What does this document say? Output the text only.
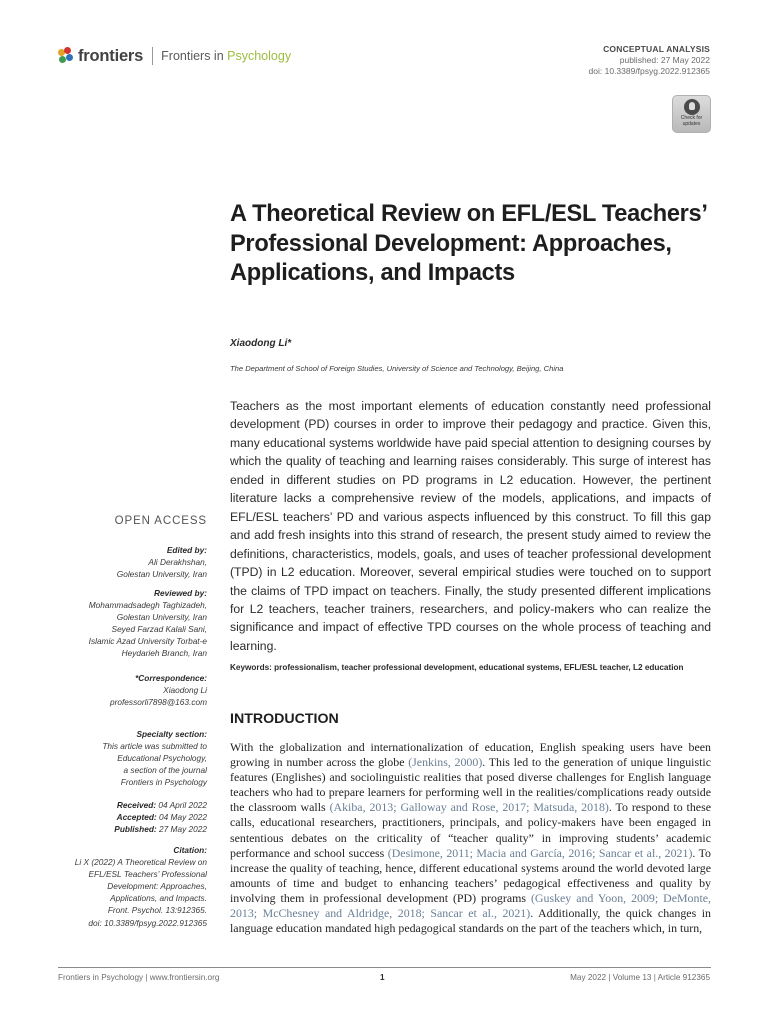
frontiers Frontiers in Psychology	CONCEPTUAL ANALYSIS
published: 27 May 2022
doi: 10.3389/fpsyg.2022.912365
Check for
updates
A Theoretical Review on EFL/ESL Teachers’ Professional Development: Approaches, Applications, and Impacts
Xiaodong Li*
The Department of School of Foreign Studies, University of Science and Technology, Beijing, China
Teachers as the most important elements of education constantly need professional development (PD) courses in order to improve their pedagogy and practice. Given this, many educational systems worldwide have paid special attention to designing courses by which the quality of teaching and learning raises considerably. This surge of interest has ended in different studies on PD programs in L2 education. However, the pertinent literature lacks a comprehensive review of the models, applications, and impacts of EFL/ESL teachers’ PD and various aspects influenced by this construct. To fill this gap and add fresh insights into this strand of research, the present study aimed to review the definitions, characteristics, models, goals, and uses of teacher professional development (TPD) in L2 education. Moreover, several empirical studies were touched on to support the claims of TPD impact on teachers. Finally, the study presented different implications for L2 teachers, teacher trainers, researchers, and policy-makers who can realize the significance and impact of effective TPD courses on the whole process of teaching and learning.
Keywords: professionalism, teacher professional development, educational systems, EFL/ESL teacher, L2 education
INTRODUCTION
With the globalization and internationalization of education, English speaking users have been growing in number across the globe (Jenkins, 2000). This led to the generation of unique linguistic features (Englishes) and sociolinguistic realities that posed diverse challenges for English language teachers who had to prepare learners for performing well in the realities/complications ready outside the classroom walls (Akiba, 2013; Galloway and Rose, 2017; Matsuda, 2018). To respond to these calls, educational researchers, practitioners, principals, and policy-makers have been engaged in sententious debates on the criticality of “teacher quality” in improving students’ academic performance and school success (Desimone, 2011; Macia and García, 2016; Sancar et al., 2021). To increase the quality of teaching, hence, different educational systems around the world devoted large amounts of time and budget to enhancing teachers’ pedagogical effectiveness and quality by involving them in professional development (PD) programs (Guskey and Yoon, 2009; DeMonte, 2013; McChesney and Aldridge, 2018; Sancar et al., 2021). Additionally, the quick changes in language education mandated high pedagogical standards on the part of the teachers which, in turn,
OPEN ACCESS
Edited by:
Ali Derakhshan,
Golestan University, Iran
Reviewed by:
Mohammadsadegh Taghizadeh,
Golestan University, Iran
Seyed Farzad Kalali Sani,
Islamic Azad University Torbat-e
Heydarieh Branch, Iran
*Correspondence:
Xiaodong Li
professorli7898@163.com
Specialty section:
This article was submitted to
Educational Psychology,
a section of the journal
Frontiers in Psychology
Received: 04 April 2022
Accepted: 04 May 2022
Published: 27 May 2022
Citation:
Li X (2022) A Theoretical Review on
EFL/ESL Teachers’ Professional
Development: Approaches,
Applications, and Impacts.
Front. Psychol. 13:912365.
doi: 10.3389/fpsyg.2022.912365
Frontiers in Psychology | www.frontiersin.org	1	May 2022 | Volume 13 | Article 912365
